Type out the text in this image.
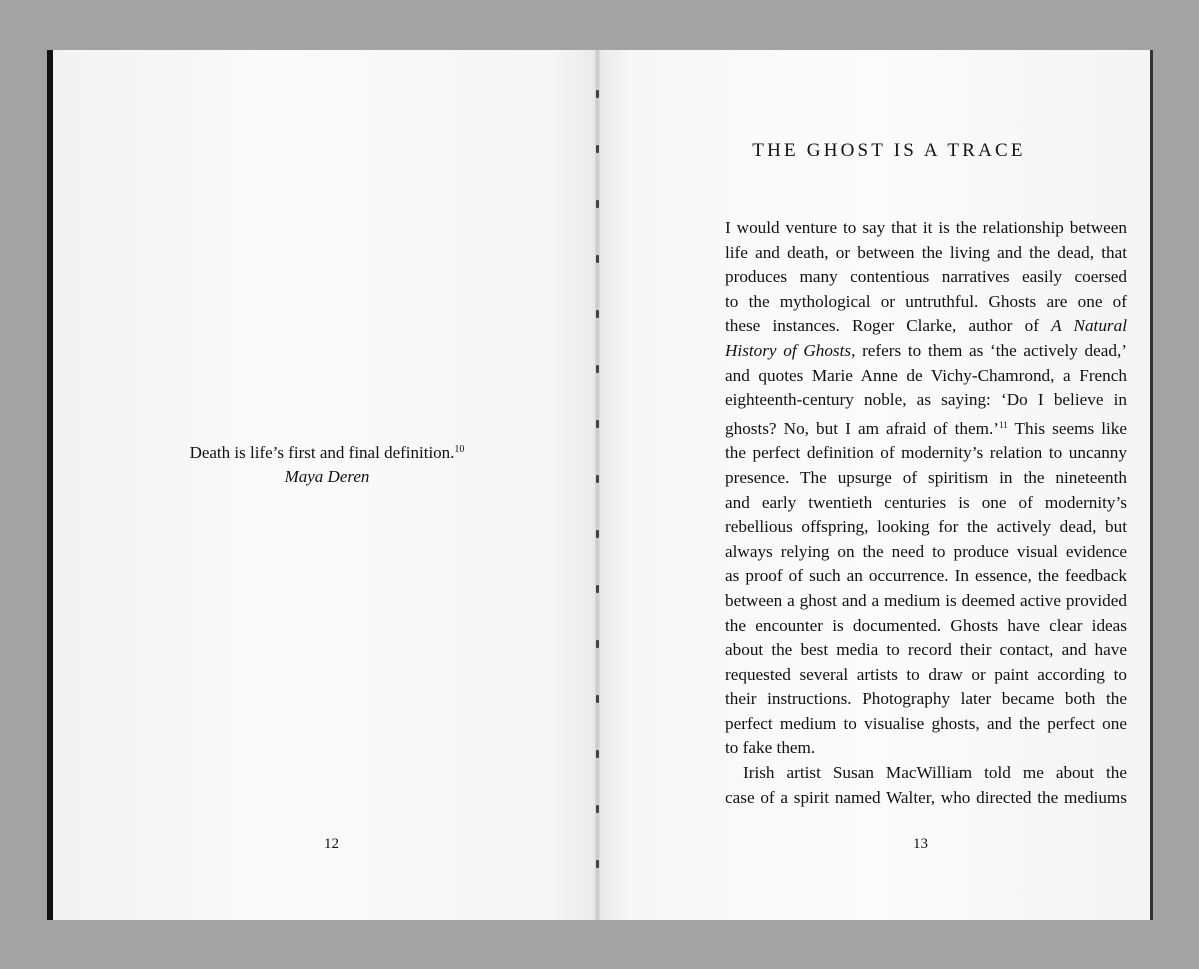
Death is life’s first and final definition.$^{10}$
Maya Deren
12
THE GHOST IS A TRACE
I would venture to say that it is the relationship between
life and death, or between the living and the dead, that
produces many contentious narratives easily coersed
to the mythological or untruthful. Ghosts are one of
these instances. Roger Clarke, author of A Natural
History of Ghosts, refers to them as ‘the actively dead,’
and quotes Marie Anne de Vichy-Chamrond, a French
eighteenth-century noble, as saying: ‘Do I believe in
ghosts? No, but I am afraid of them.’$^{11}$ This seems like
the perfect definition of modernity’s relation to uncanny
presence. The upsurge of spiritism in the nineteenth
and early twentieth centuries is one of modernity’s
rebellious offspring, looking for the actively dead, but
always relying on the need to produce visual evidence
as proof of such an occurrence. In essence, the feedback
between a ghost and a medium is deemed active provided
the encounter is documented. Ghosts have clear ideas
about the best media to record their contact, and have
requested several artists to draw or paint according to
their instructions. Photography later became both the
perfect medium to visualise ghosts, and the perfect one
to fake them.
Irish artist Susan MacWilliam told me about the
case of a spirit named Walter, who directed the mediums
13
